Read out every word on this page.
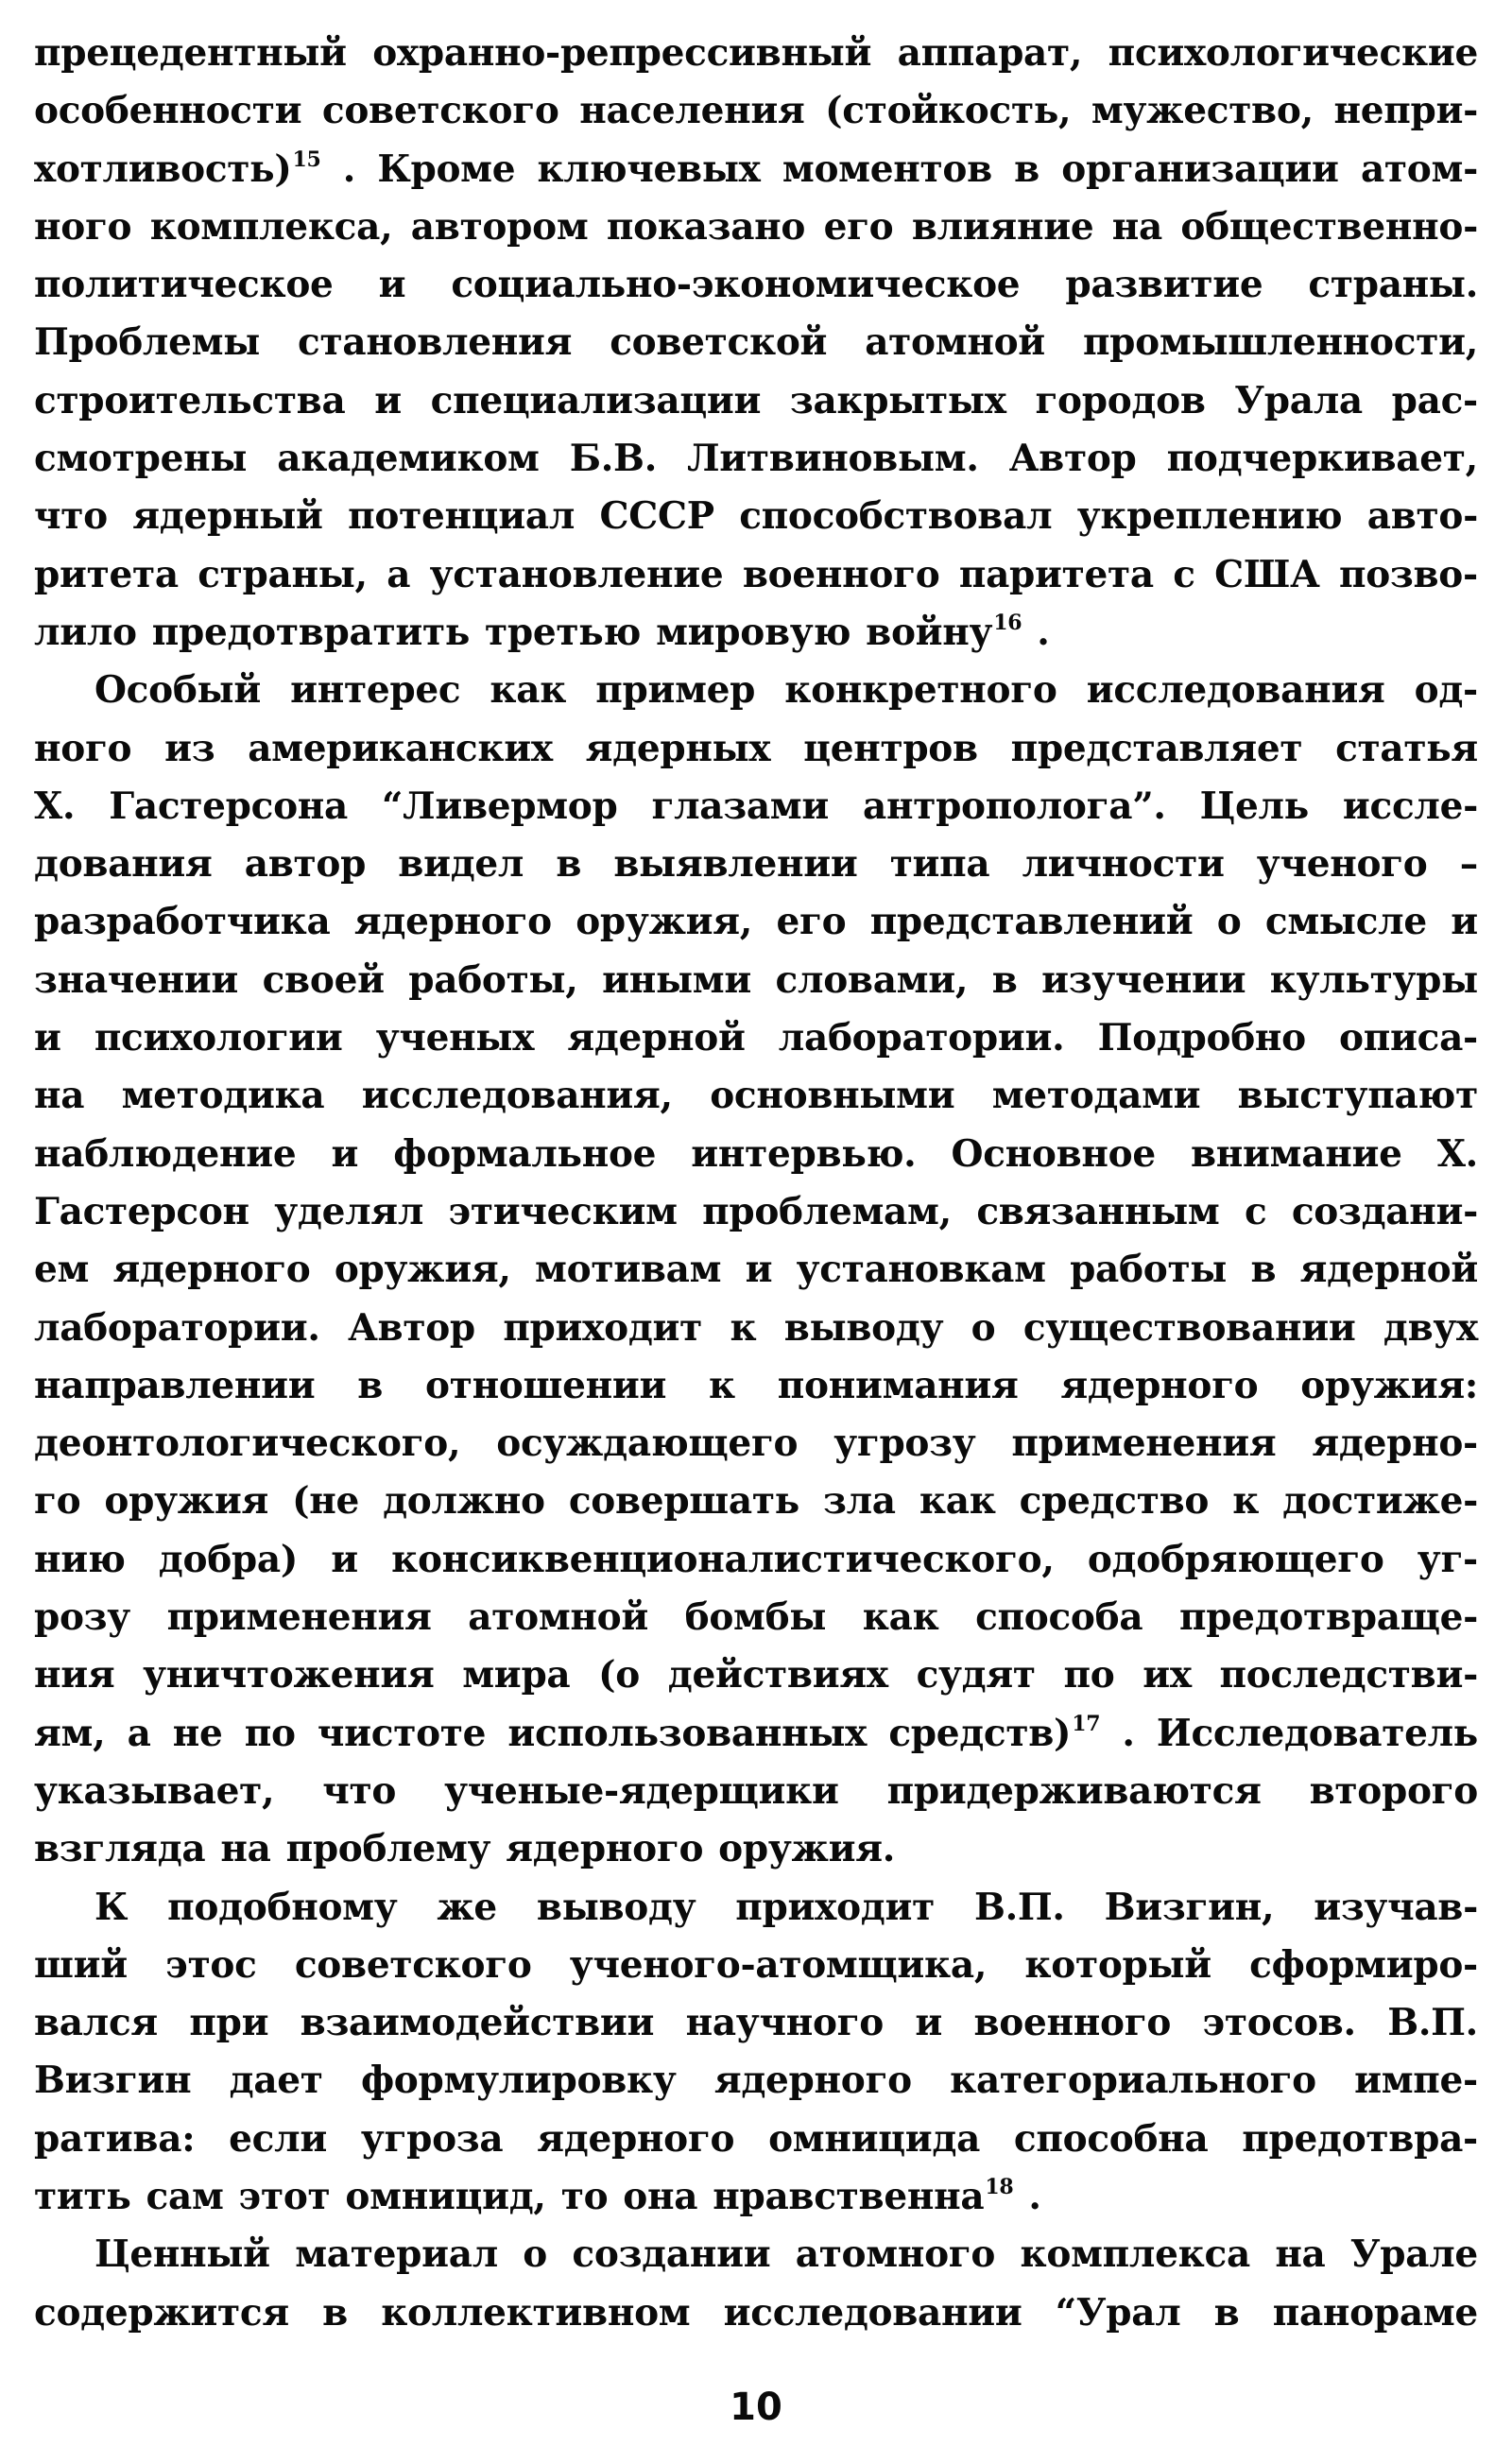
прецедентный охранно-репрессивный аппарат, психологические
особенности советского населения (стойкость, мужество, непри-
хотливость)$^{15}$ . Кроме ключевых моментов в организации атом-
ного комплекса, автором показано его влияние на общественно-
политическое и социально-экономическое развитие страны.
Проблемы становления советской атомной промышленности,
строительства и специализации закрытых городов Урала рас-
смотрены академиком Б.В. Литвиновым. Автор подчеркивает,
что ядерный потенциал СССР способствовал укреплению авто-
ритета страны, а установление военного паритета с США позво-
лило предотвратить третью мировую войну$^{16}$ .
Особый интерес как пример конкретного исследования од-
ного из американских ядерных центров представляет статья
Х. Гастерсона “Ливермор глазами антрополога”. Цель иссле-
дования автор видел в выявлении типа личности ученого –
разработчика ядерного оружия, его представлений о смысле и
значении своей работы, иными словами, в изучении культуры
и психологии ученых ядерной лаборатории. Подробно описа-
на методика исследования, основными методами выступают
наблюдение и формальное интервью. Основное внимание Х.
Гастерсон уделял этическим проблемам, связанным с создани-
ем ядерного оружия, мотивам и установкам работы в ядерной
лаборатории. Автор приходит к выводу о существовании двух
направлении в отношении к понимания ядерного оружия:
деонтологического, осуждающего угрозу применения ядерно-
го оружия (не должно совершать зла как средство к достиже-
нию добра) и консиквенционалистического, одобряющего уг-
розу применения атомной бомбы как способа предотвраще-
ния уничтожения мира (о действиях судят по их последстви-
ям, а не по чистоте использованных средств)$^{17}$ . Исследователь
указывает, что ученые-ядерщики придерживаются второго
взгляда на проблему ядерного оружия.
К подобному же выводу приходит В.П. Визгин, изучав-
ший этос советского ученого-атомщика, который сформиро-
вался при взаимодействии научного и военного этосов. В.П.
Визгин дает формулировку ядерного категориального импе-
ратива: если угроза ядерного омницида способна предотвра-
тить сам этот омницид, то она нравственна$^{18}$ .
Ценный материал о создании атомного комплекса на Урале
содержится в коллективном исследовании “Урал в панораме
10
